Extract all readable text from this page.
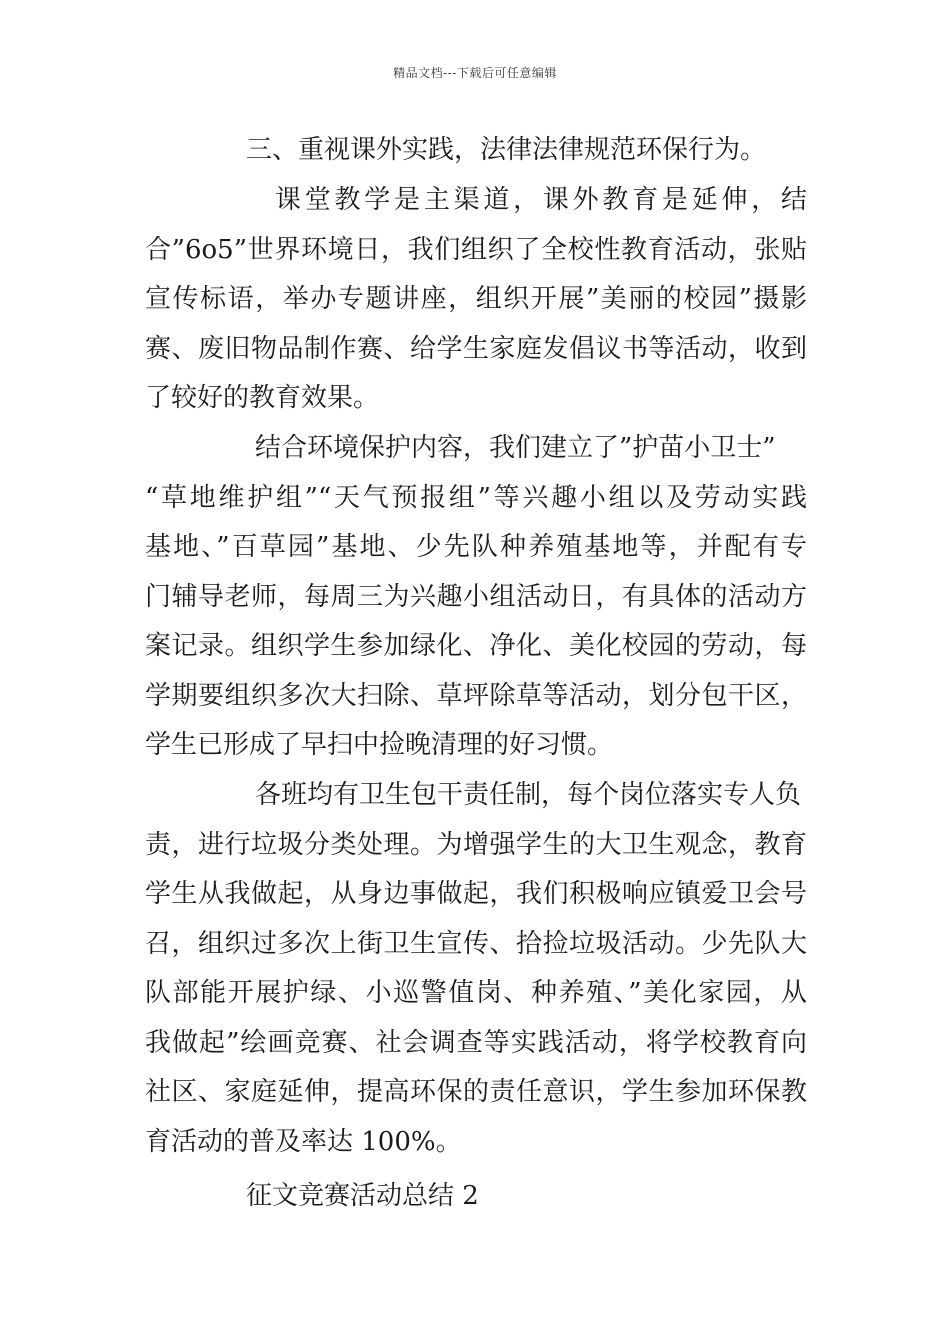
精品文档---下载后可任意编辑
三、重视课外实践，法律法律规范环保行为。
课堂教学是主渠道，课外教育是延伸，结
合”6o5”世界环境日，我们组织了全校性教育活动，张贴
宣传标语，举办专题讲座，组织开展”美丽的校园”摄影
赛、废旧物品制作赛、给学生家庭发倡议书等活动，收到
了较好的教育效果。
结合环境保护内容，我们建立了”护苗小卫士”
“草地维护组”“天气预报组”等兴趣小组以及劳动实践
基地、”百草园”基地、少先队种养殖基地等，并配有专
门辅导老师，每周三为兴趣小组活动日，有具体的活动方
案记录。组织学生参加绿化、净化、美化校园的劳动，每
学期要组织多次大扫除、草坪除草等活动，划分包干区，
学生已形成了早扫中捡晚清理的好习惯。
各班均有卫生包干责任制，每个岗位落实专人负
责，进行垃圾分类处理。为增强学生的大卫生观念，教育
学生从我做起，从身边事做起，我们积极响应镇爱卫会号
召，组织过多次上街卫生宣传、拾捡垃圾活动。少先队大
队部能开展护绿、小巡警值岗、种养殖、”美化家园，从
我做起”绘画竞赛、社会调查等实践活动，将学校教育向
社区、家庭延伸，提高环保的责任意识，学生参加环保教
育活动的普及率达 100%。
征文竞赛活动总结 2
